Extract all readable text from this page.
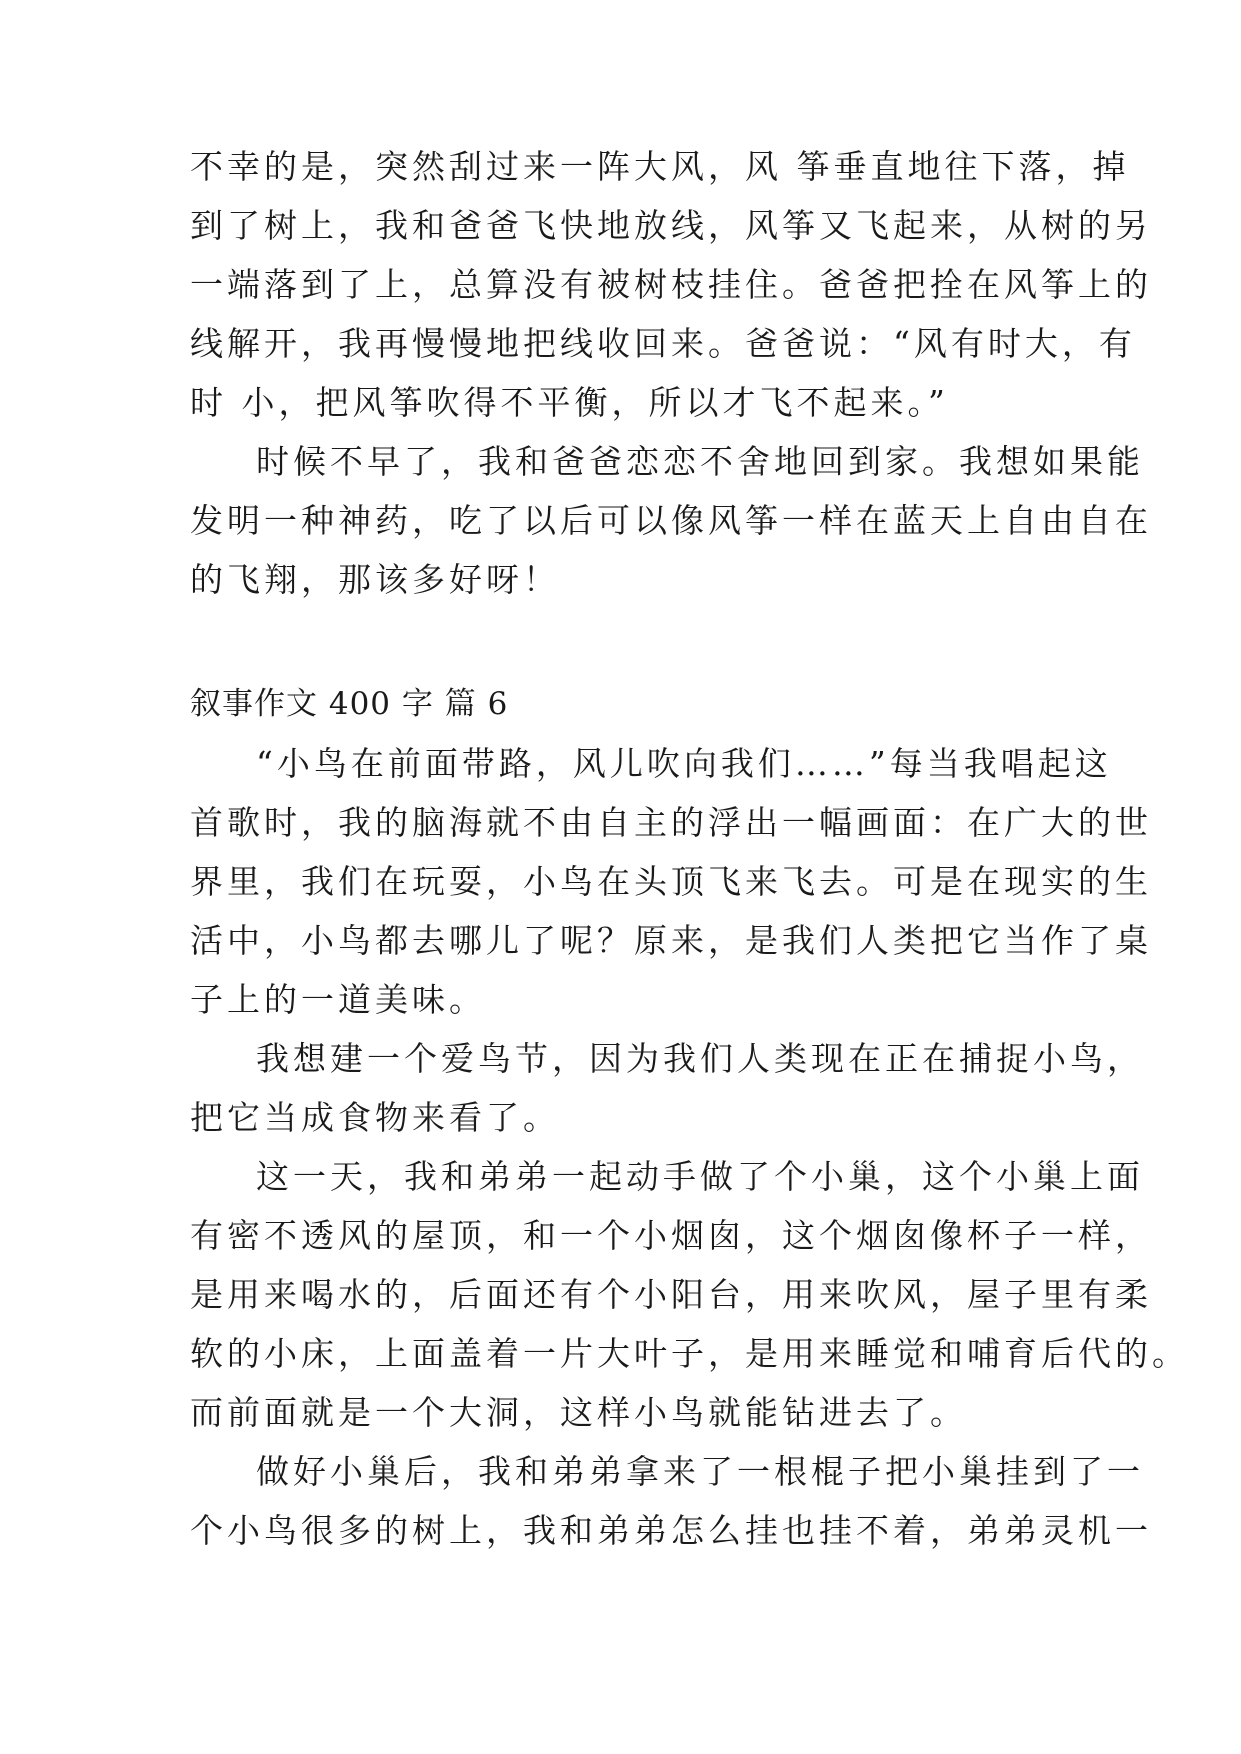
不幸的是，突然刮过来一阵大风，风 筝垂直地往下落，掉
到了树上，我和爸爸飞快地放线，风筝又飞起来，从树的另
一端落到了上，总算没有被树枝挂住。爸爸把拴在风筝上的
线解开，我再慢慢地把线收回来。爸爸说：“风有时大，有
时 小，把风筝吹得不平衡，所以才飞不起来。”
时候不早了，我和爸爸恋恋不舍地回到家。我想如果能
发明一种神药，吃了以后可以像风筝一样在蓝天上自由自在
的飞翔，那该多好呀！
叙事作文 400 字 篇 6
“小鸟在前面带路，风儿吹向我们……”每当我唱起这
首歌时，我的脑海就不由自主的浮出一幅画面：在广大的世
界里，我们在玩耍，小鸟在头顶飞来飞去。可是在现实的生
活中，小鸟都去哪儿了呢？原来，是我们人类把它当作了桌
子上的一道美味。
我想建一个爱鸟节，因为我们人类现在正在捕捉小鸟，
把它当成食物来看了。
这一天，我和弟弟一起动手做了个小巢，这个小巢上面
有密不透风的屋顶，和一个小烟囱，这个烟囱像杯子一样，
是用来喝水的，后面还有个小阳台，用来吹风，屋子里有柔
软的小床，上面盖着一片大叶子，是用来睡觉和哺育后代的。
而前面就是一个大洞，这样小鸟就能钻进去了。
做好小巢后，我和弟弟拿来了一根棍子把小巢挂到了一
个小鸟很多的树上，我和弟弟怎么挂也挂不着，弟弟灵机一
